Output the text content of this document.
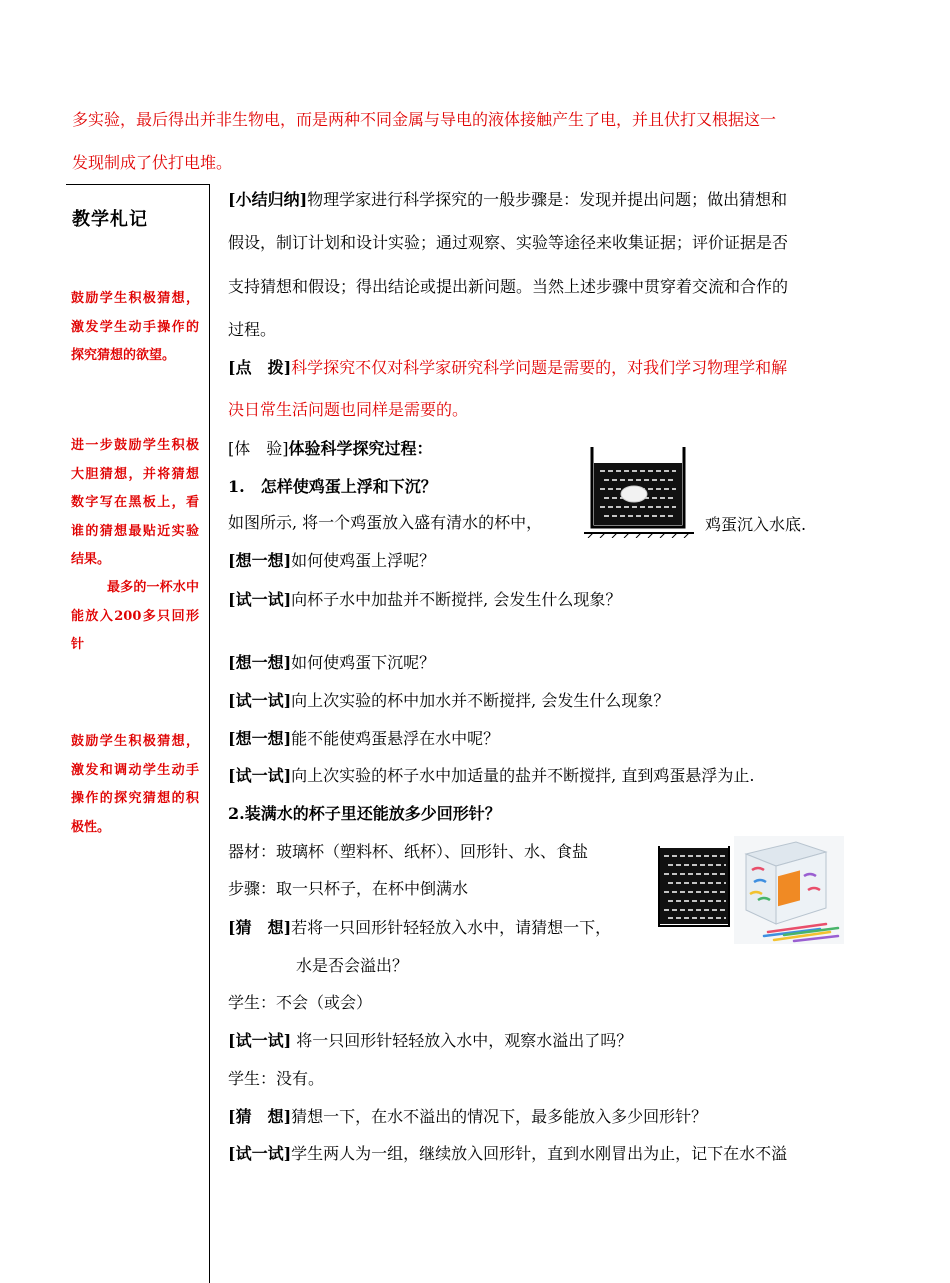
多实验，最后得出并非生物电，而是两种不同金属与导电的液体接触产生了电，并且伏打又根据这一
发现制成了伏打电堆。
教学札记
鼓励学生积极猜想，激发学生动手操作的探究猜想的欲望。
进一步鼓励学生积极大胆猜想，并将猜想数字写在黑板上，看谁的猜想最贴近实验结果。
最多的一杯水中能放入200多只回形针
鼓励学生积极猜想，激发和调动学生动手操作的探究猜想的积极性。
[小结归纳]物理学家进行科学探究的一般步骤是：发现并提出问题；做出猜想和
假设，制订计划和设计实验；通过观察、实验等途径来收集证据；评价证据是否
支持猜想和假设；得出结论或提出新问题。当然上述步骤中贯穿着交流和合作的
过程。
[点　拨]科学探究不仅对科学家研究科学问题是需要的，对我们学习物理学和解
决日常生活问题也同样是需要的。
[体　验]体验科学探究过程：
1.　怎样使鸡蛋上浮和下沉？
如图所示, 将一个鸡蛋放入盛有清水的杯中，	鸡蛋沉入水底.
[想一想]如何使鸡蛋上浮呢？
[试一试]向杯子水中加盐并不断搅拌, 会发生什么现象？
[想一想]如何使鸡蛋下沉呢？
[试一试]向上次实验的杯中加水并不断搅拌, 会发生什么现象？
[想一想]能不能使鸡蛋悬浮在水中呢？
[试一试]向上次实验的杯子水中加适量的盐并不断搅拌, 直到鸡蛋悬浮为止.
2.装满水的杯子里还能放多少回形针？
器材：玻璃杯（塑料杯、纸杯）、回形针、水、食盐
步骤：取一只杯子，在杯中倒满水
[猜　想]若将一只回形针轻轻放入水中，请猜想一下，
水是否会溢出？
学生：不会（或会）
[试一试] 将一只回形针轻轻放入水中，观察水溢出了吗？
学生：没有。
[猜　想]猜想一下，在水不溢出的情况下，最多能放入多少回形针？
[试一试]学生两人为一组，继续放入回形针，直到水刚冒出为止，记下在水不溢
